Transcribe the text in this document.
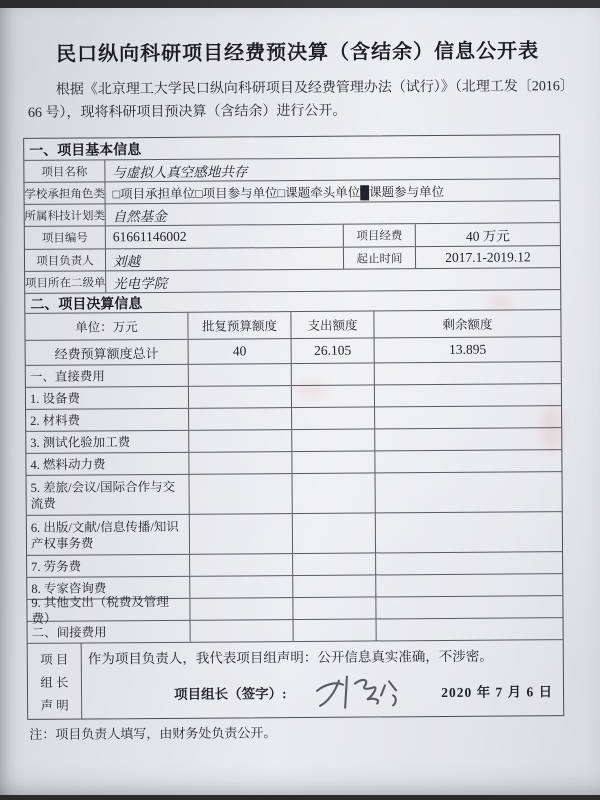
民口纵向科研项目经费预决算（含结余）信息公开表
根据《北京理工大学民口纵向科研项目及经费管理办法（试行）》（北理工发〔2016〕66 号），现将科研项目预决算（含结余）进行公开。
一、项目基本信息
项目名称	与虚拟人真空感地共存
学校承担角色类 □项目承担单位□项目参与单位□课题牵头单位█课题参与单位
所属科技计划类 自然基金
项目编号	61661146002	项目经费	40 万元
项目负责人	刘越	起止时间	2017.1-2019.12
项目所在二级单 光电学院
二、项目决算信息
单位：万元	批复预算额度	支出额度	剩余额度
经费预算额度总计	40	26.105	13.895
一、直接费用
1. 设备费
2. 材料费
3. 测试化验加工费
4. 燃料动力费
5. 差旅/会议/国际合作与交流费
6. 出版/文献/信息传播/知识产权事务费
7. 劳务费
8. 专家咨询费
9. 其他支出（税费及管理费）
二、间接费用
项 目
组 长
声 明
作为项目负责人，我代表项目组声明：公开信息真实准确，不涉密。
项目组长（签字）:	2020 年 7 月 6 日
注：项目负责人填写，由财务处负责公开。
